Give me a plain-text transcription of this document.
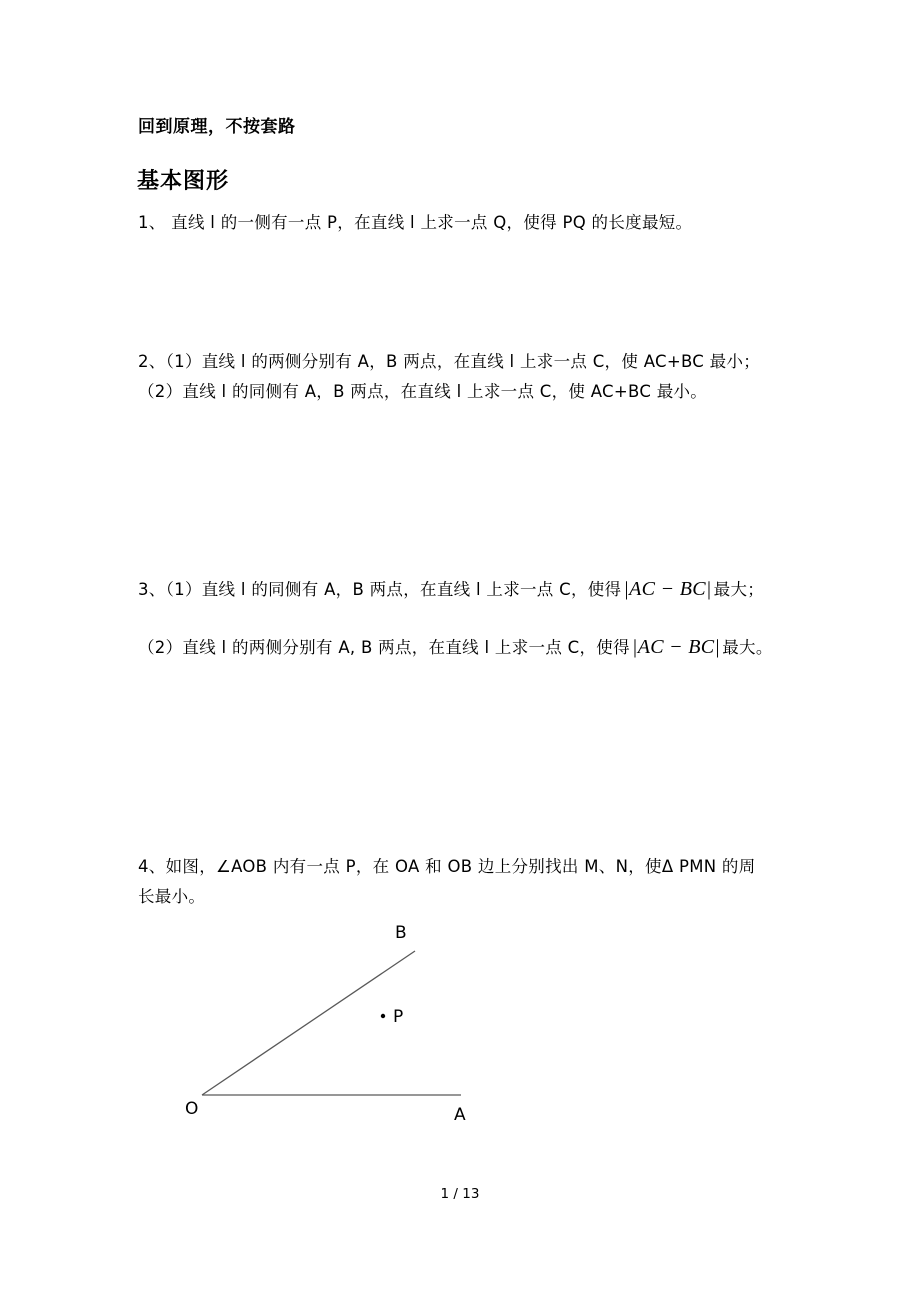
回到原理，不按套路
基本图形
1、 直线 l 的一侧有一点 P，在直线 l 上求一点 Q，使得 PQ 的长度最短。
2、（1）直线 l 的两侧分别有 A，B 两点，在直线 l 上求一点 C，使 AC+BC 最小；
（2）直线 l 的同侧有 A，B 两点，在直线 l 上求一点 C，使 AC+BC 最小。
3、（1）直线 l 的同侧有 A，B 两点，在直线 l 上求一点 C，使得 |AC − BC| 最大；
（2）直线 l 的两侧分别有 A, B 两点，在直线 l 上求一点 C，使得 |AC − BC| 最大。
4、如图，∠AOB 内有一点 P，在 OA 和 OB 边上分别找出 M、N，使Δ PMN 的周
长最小。
B
P
O	A
1 / 13
